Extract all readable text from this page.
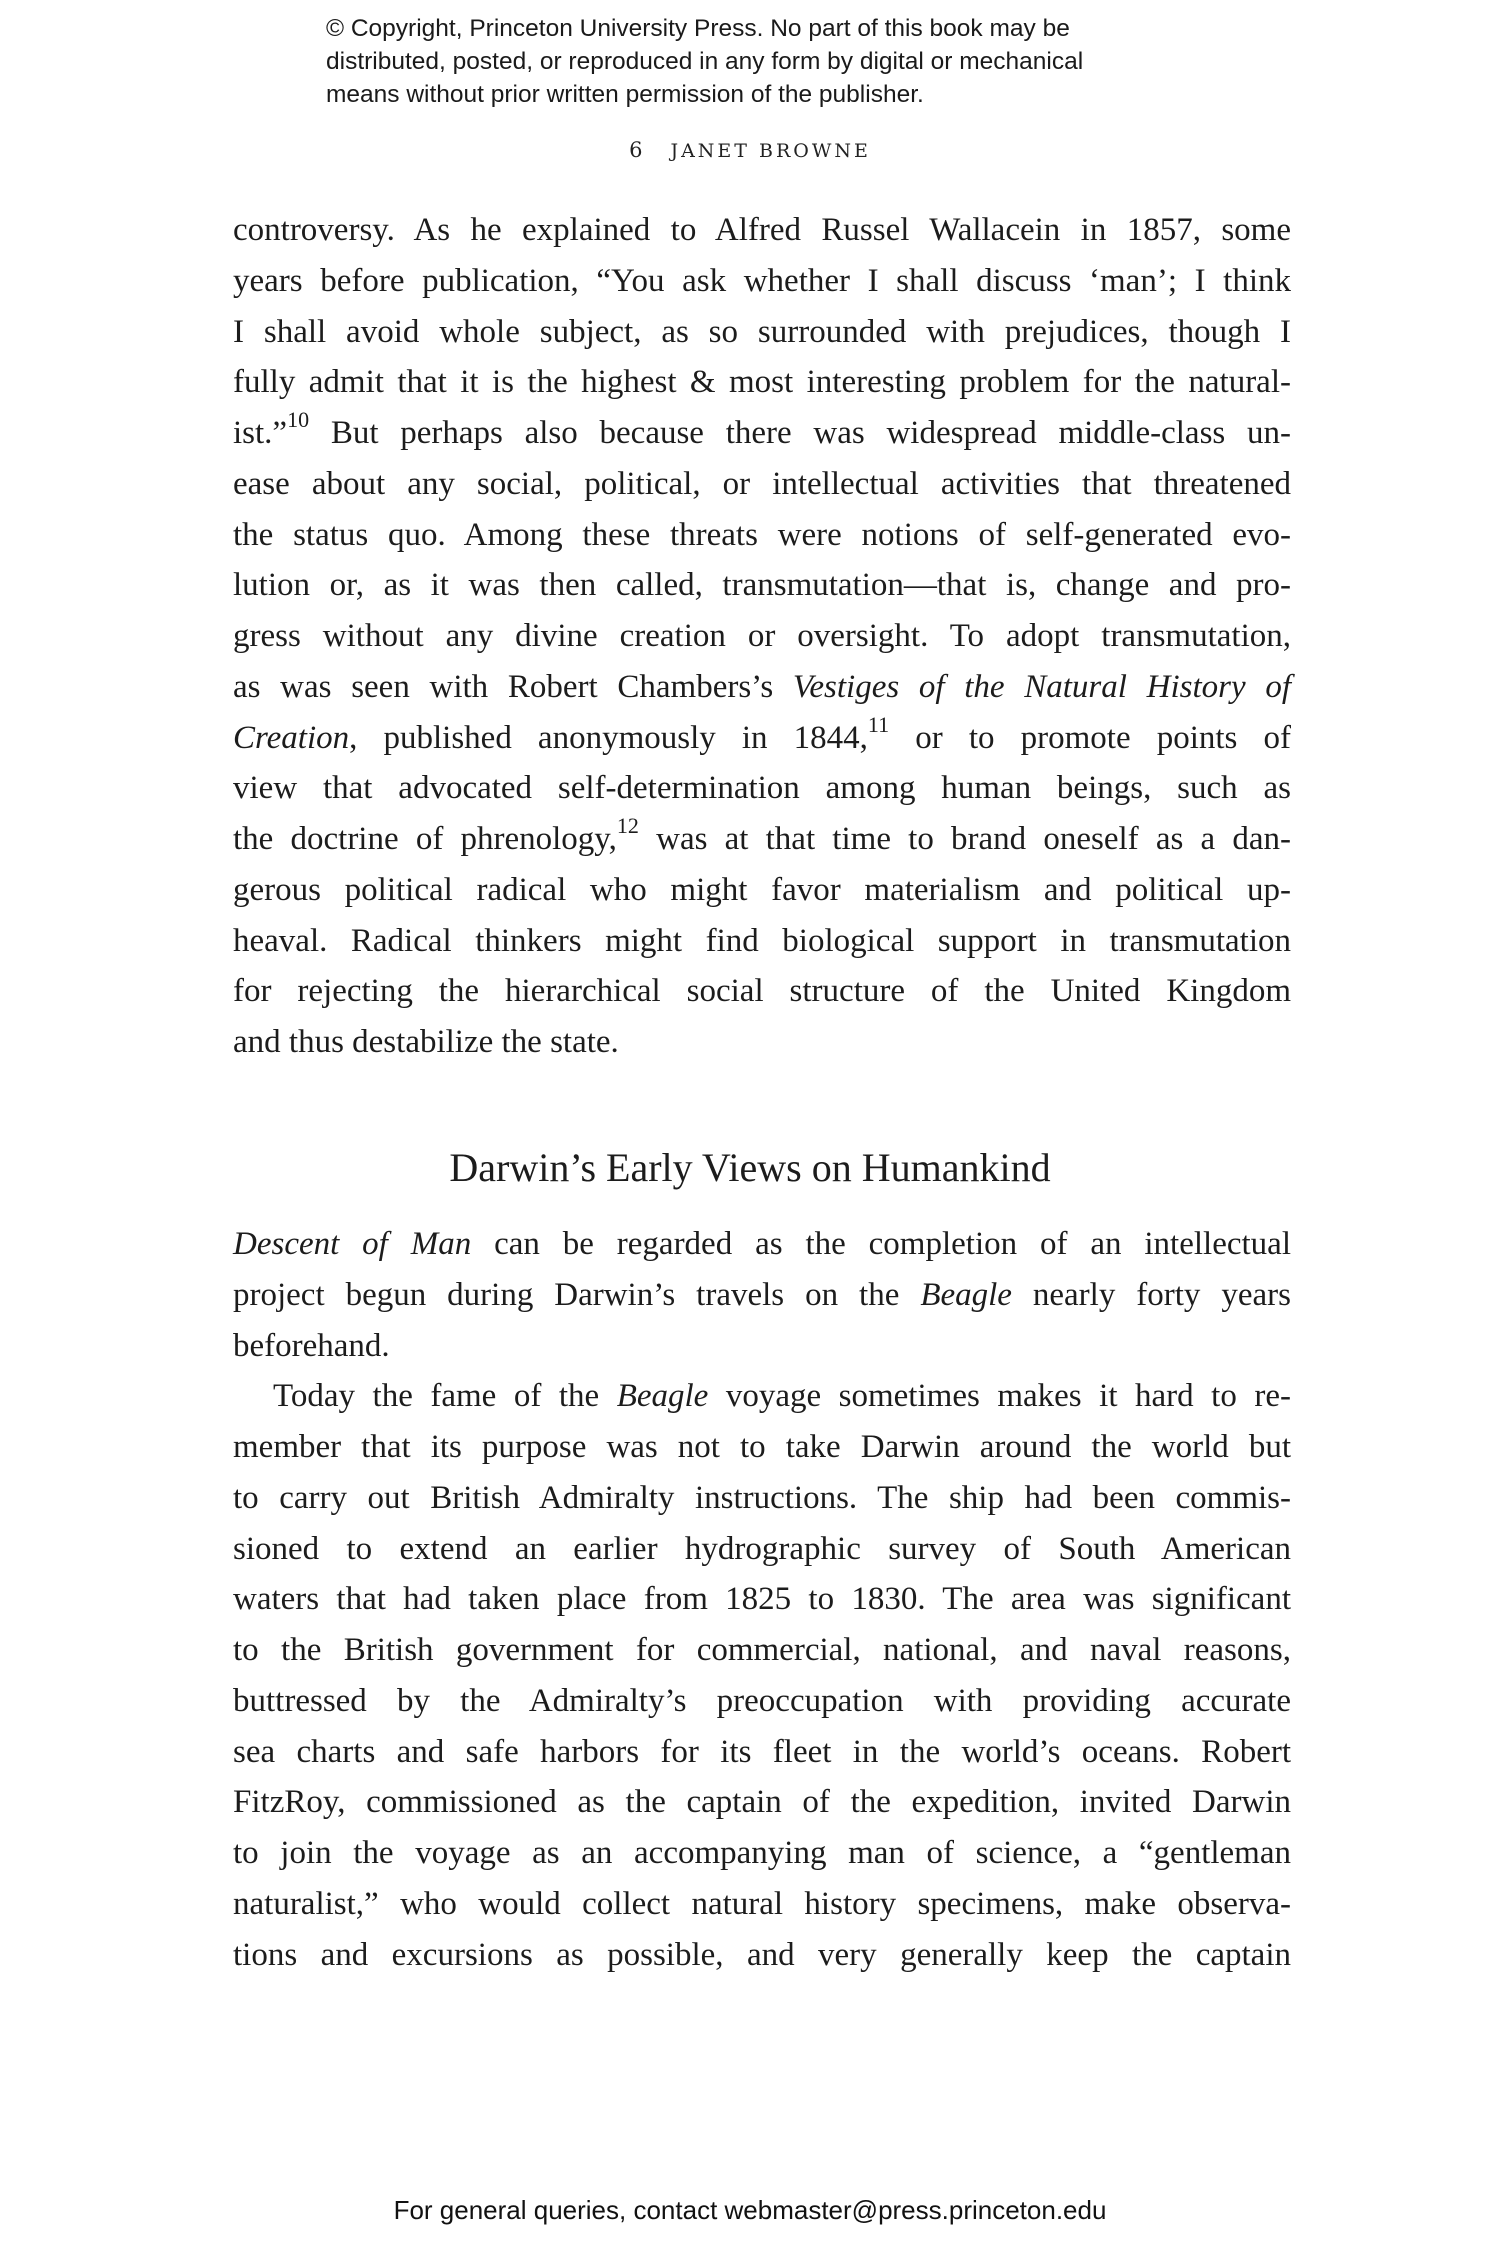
© Copyright, Princeton University Press. No part of this book may be
distributed, posted, or reproduced in any form by digital or mechanical
means without prior written permission of the publisher.
6 JANET BROWNE
controversy. As he explained to Alfred Russel Wallacein in 1857, some
years before publication, “You ask whether I shall discuss ‘man’; I think
I shall avoid whole subject, as so surrounded with prejudices, though I
fully admit that it is the highest & most interesting problem for the natural-
ist.”$^{10}$ But perhaps also because there was widespread middle-class un-
ease about any social, political, or intellectual activities that threatened
the status quo. Among these threats were notions of self-generated evo-
lution or, as it was then called, transmutation—that is, change and pro-
gress without any divine creation or oversight. To adopt transmutation,
as was seen with Robert Chambers’s Vestiges of the Natural History of
Creation, published anonymously in 1844,11 or to promote points of
view that advocated self-determination among human beings, such as
the doctrine of phrenology,$^{12}$ was at that time to brand oneself as a dan-
gerous political radical who might favor materialism and political up-
heaval. Radical thinkers might find biological support in transmutation
for rejecting the hierarchical social structure of the United Kingdom
and thus destabilize the state.
Darwin’s Early Views on Humankind
Descent of Man can be regarded as the completion of an intellectual
project begun during Darwin’s travels on the Beagle nearly forty years
beforehand.
Today the fame of the Beagle voyage sometimes makes it hard to re-
member that its purpose was not to take Darwin around the world but
to carry out British Admiralty instructions. The ship had been commis-
sioned to extend an earlier hydrographic survey of South American
waters that had taken place from 1825 to 1830. The area was significant
to the British government for commercial, national, and naval reasons,
buttressed by the Admiralty’s preoccupation with providing accurate
sea charts and safe harbors for its fleet in the world’s oceans. Robert
FitzRoy, commissioned as the captain of the expedition, invited Darwin
to join the voyage as an accompanying man of science, a “gentleman
naturalist,” who would collect natural history specimens, make observa-
tions and excursions as possible, and very generally keep the captain
For general queries, contact webmaster@press.princeton.edu
